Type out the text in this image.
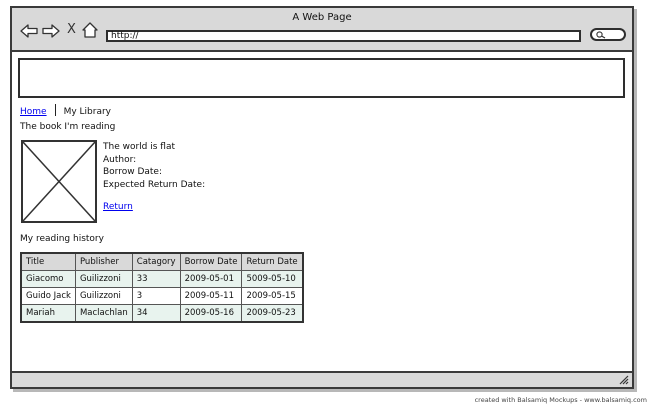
A Web Page
X	http://
Home My Library
The book I'm reading
The world is flat
Author:
Borrow Date:
Expected Return Date:
Return
My reading history
Title	Publisher	Catagory	Borrow Date	Return Date
Giacomo	Guilizzoni	33	2009-05-01	5009-05-10
Guido Jack	Guilizzoni	3	2009-05-11	2009-05-15
Mariah	Maclachlan	34	2009-05-16	2009-05-23
created with Balsamiq Mockups - www.balsamiq.com
